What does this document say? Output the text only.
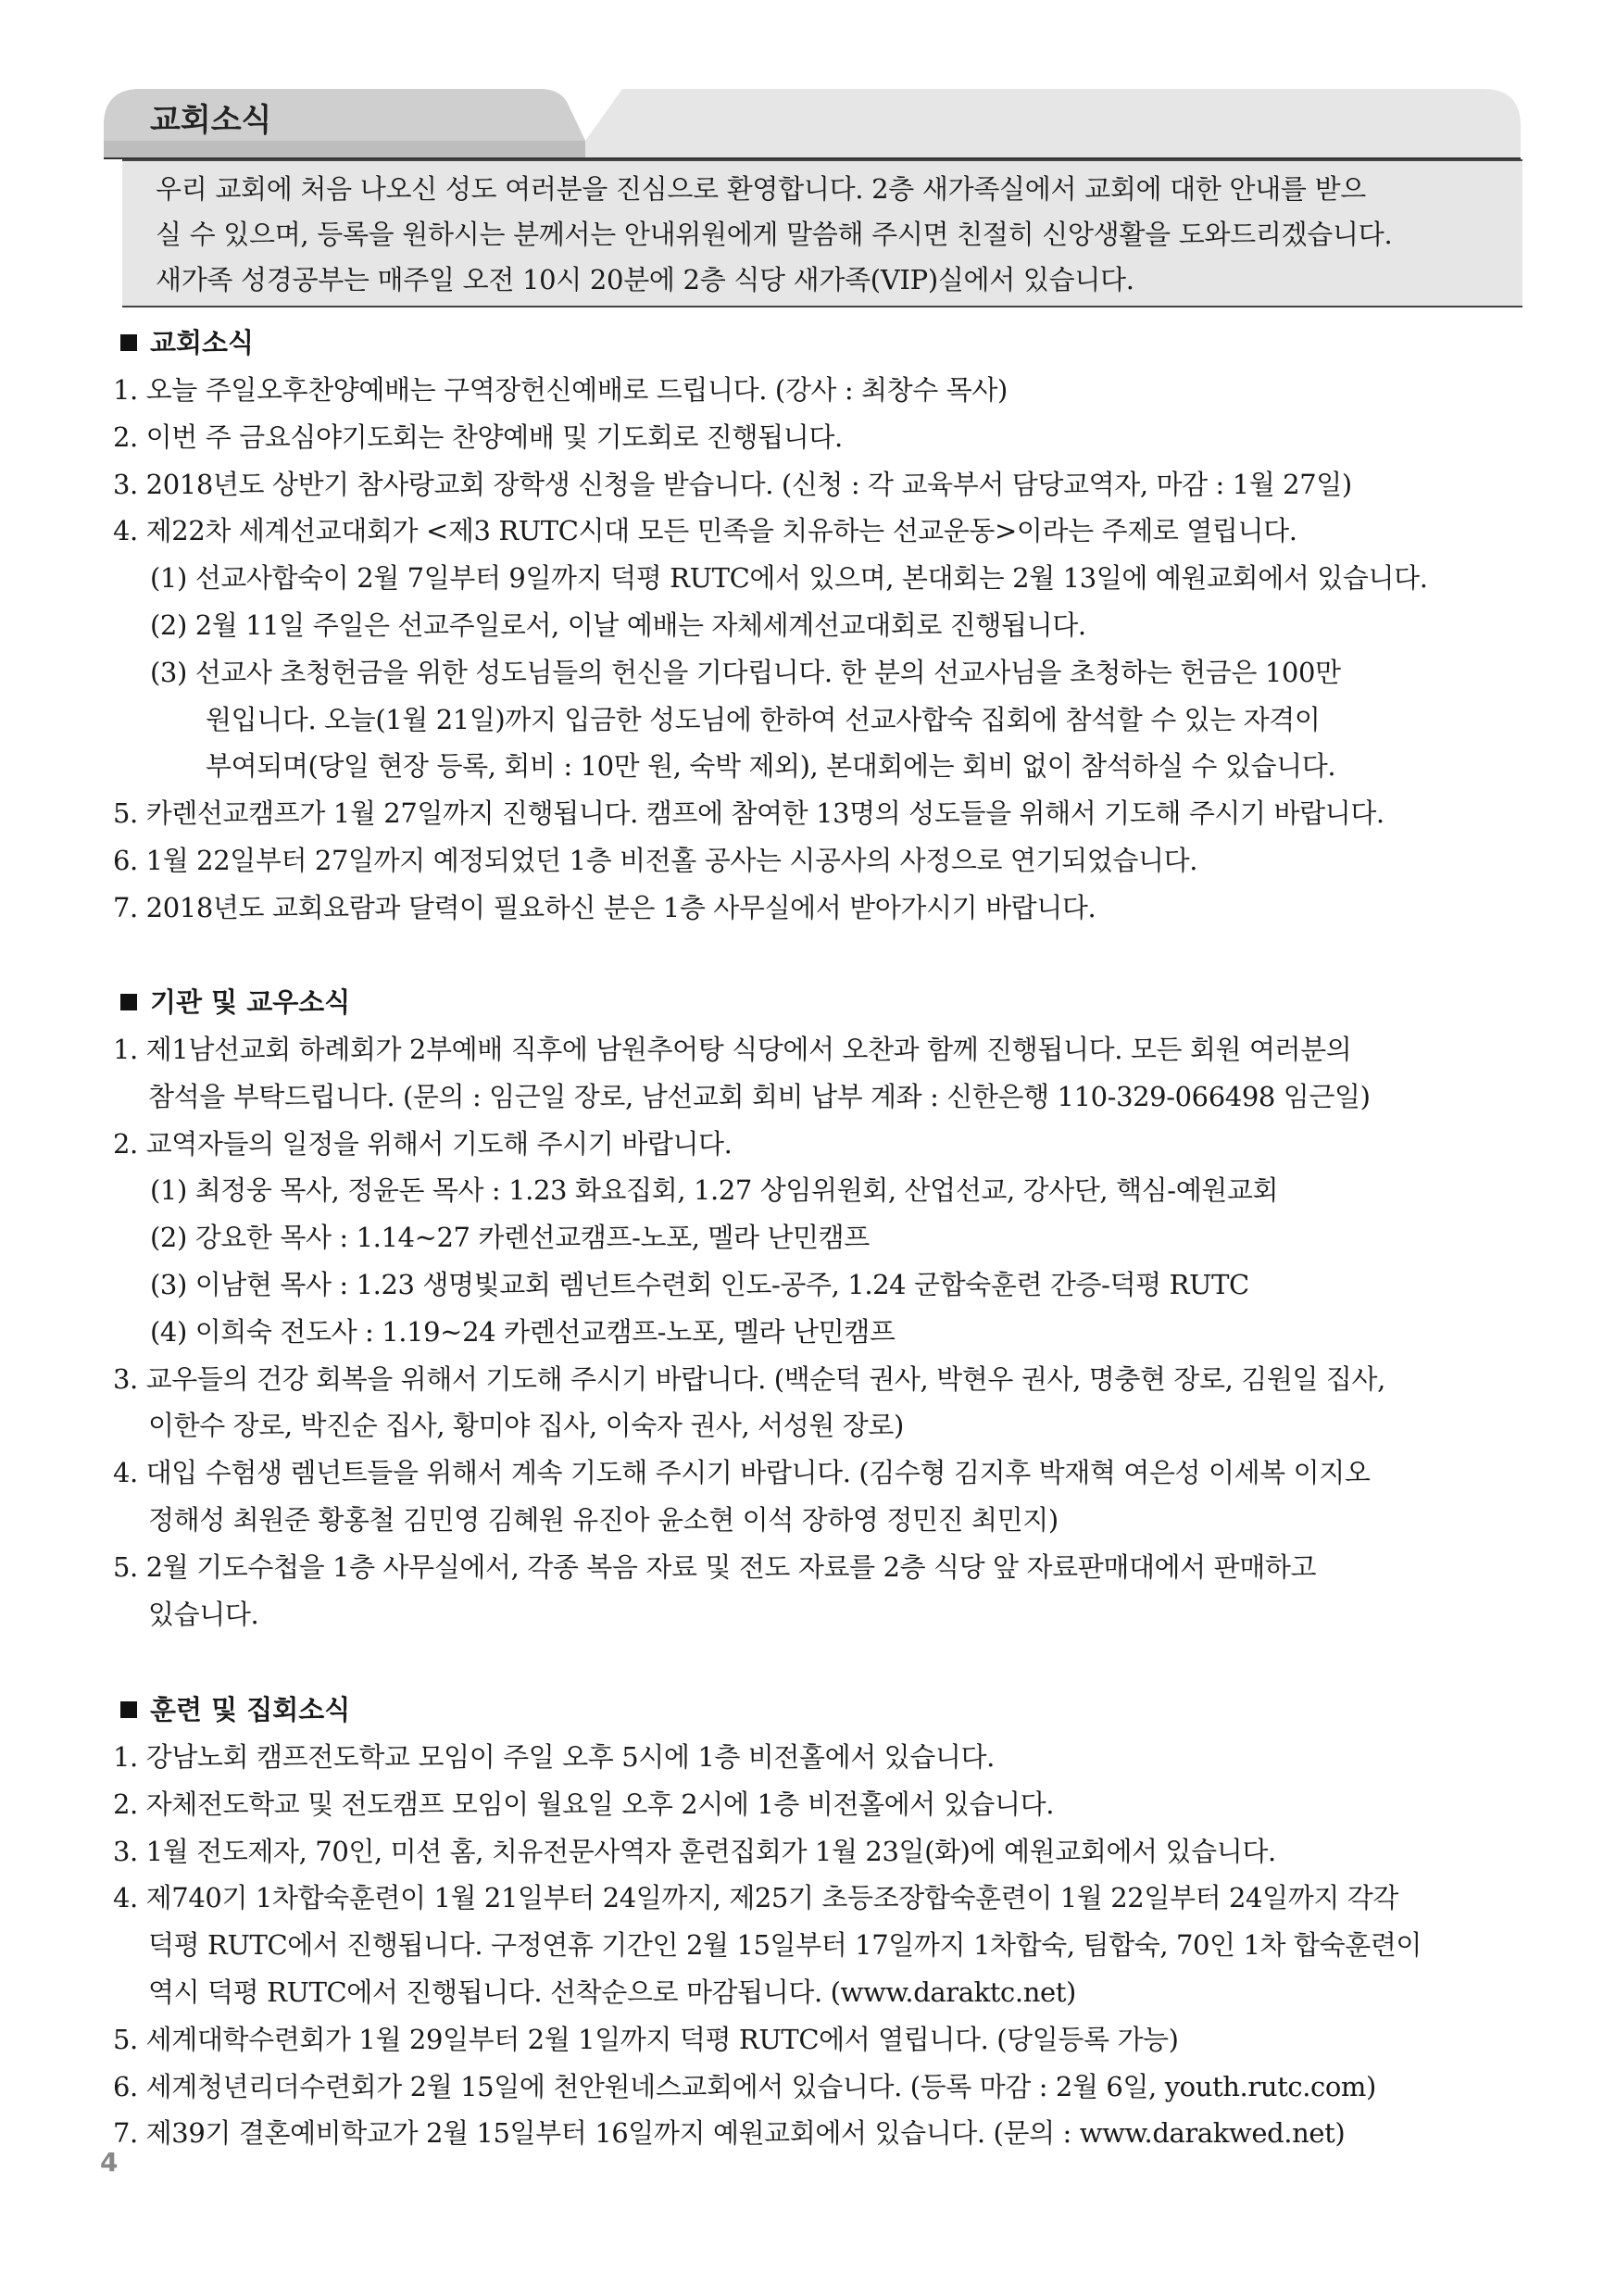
교회소식
우리 교회에 처음 나오신 성도 여러분을 진심으로 환영합니다. 2층 새가족실에서 교회에 대한 안내를 받으
실 수 있으며, 등록을 원하시는 분께서는 안내위원에게 말씀해 주시면 친절히 신앙생활을 도와드리겠습니다.
새가족 성경공부는 매주일 오전 10시 20분에 2층 식당 새가족(VIP)실에서 있습니다.
교회소식
1. 오늘 주일오후찬양예배는 구역장헌신예배로 드립니다. (강사 : 최창수 목사)
2. 이번 주 금요심야기도회는 찬양예배 및 기도회로 진행됩니다.
3. 2018년도 상반기 참사랑교회 장학생 신청을 받습니다. (신청 : 각 교육부서 담당교역자, 마감 : 1월 27일)
4. 제22차 세계선교대회가 <제3 RUTC시대 모든 민족을 치유하는 선교운동>이라는 주제로 열립니다.
(1) 선교사합숙이 2월 7일부터 9일까지 덕평 RUTC에서 있으며, 본대회는 2월 13일에 예원교회에서 있습니다.
(2) 2월 11일 주일은 선교주일로서, 이날 예배는 자체세계선교대회로 진행됩니다.
(3) 선교사 초청헌금을 위한 성도님들의 헌신을 기다립니다. 한 분의 선교사님을 초청하는 헌금은 100만
원입니다. 오늘(1월 21일)까지 입금한 성도님에 한하여 선교사합숙 집회에 참석할 수 있는 자격이
부여되며(당일 현장 등록, 회비 : 10만 원, 숙박 제외), 본대회에는 회비 없이 참석하실 수 있습니다.
5. 카렌선교캠프가 1월 27일까지 진행됩니다. 캠프에 참여한 13명의 성도들을 위해서 기도해 주시기 바랍니다.
6. 1월 22일부터 27일까지 예정되었던 1층 비전홀 공사는 시공사의 사정으로 연기되었습니다.
7. 2018년도 교회요람과 달력이 필요하신 분은 1층 사무실에서 받아가시기 바랍니다.
기관 및 교우소식
1. 제1남선교회 하례회가 2부예배 직후에 남원추어탕 식당에서 오찬과 함께 진행됩니다. 모든 회원 여러분의
참석을 부탁드립니다. (문의 : 임근일 장로, 남선교회 회비 납부 계좌 : 신한은행 110-329-066498 임근일)
2. 교역자들의 일정을 위해서 기도해 주시기 바랍니다.
(1) 최정웅 목사, 정윤돈 목사 : 1.23 화요집회, 1.27 상임위원회, 산업선교, 강사단, 핵심-예원교회
(2) 강요한 목사 : 1.14~27 카렌선교캠프-노포, 멜라 난민캠프
(3) 이남현 목사 : 1.23 생명빛교회 렘넌트수련회 인도-공주, 1.24 군합숙훈련 간증-덕평 RUTC
(4) 이희숙 전도사 : 1.19~24 카렌선교캠프-노포, 멜라 난민캠프
3. 교우들의 건강 회복을 위해서 기도해 주시기 바랍니다. (백순덕 권사, 박현우 권사, 명충현 장로, 김원일 집사,
이한수 장로, 박진순 집사, 황미야 집사, 이숙자 권사, 서성원 장로)
4. 대입 수험생 렘넌트들을 위해서 계속 기도해 주시기 바랍니다. (김수형 김지후 박재혁 여은성 이세복 이지오
정해성 최원준 황홍철 김민영 김혜원 유진아 윤소현 이석 장하영 정민진 최민지)
5. 2월 기도수첩을 1층 사무실에서, 각종 복음 자료 및 전도 자료를 2층 식당 앞 자료판매대에서 판매하고
있습니다.
훈련 및 집회소식
1. 강남노회 캠프전도학교 모임이 주일 오후 5시에 1층 비전홀에서 있습니다.
2. 자체전도학교 및 전도캠프 모임이 월요일 오후 2시에 1층 비전홀에서 있습니다.
3. 1월 전도제자, 70인, 미션 홈, 치유전문사역자 훈련집회가 1월 23일(화)에 예원교회에서 있습니다.
4. 제740기 1차합숙훈련이 1월 21일부터 24일까지, 제25기 초등조장합숙훈련이 1월 22일부터 24일까지 각각
덕평 RUTC에서 진행됩니다. 구정연휴 기간인 2월 15일부터 17일까지 1차합숙, 팀합숙, 70인 1차 합숙훈련이
역시 덕평 RUTC에서 진행됩니다. 선착순으로 마감됩니다. (www.daraktc.net)
5. 세계대학수련회가 1월 29일부터 2월 1일까지 덕평 RUTC에서 열립니다. (당일등록 가능)
6. 세계청년리더수련회가 2월 15일에 천안원네스교회에서 있습니다. (등록 마감 : 2월 6일, youth.rutc.com)
7. 제39기 결혼예비학교가 2월 15일부터 16일까지 예원교회에서 있습니다. (문의 : www.darakwed.net)
4
